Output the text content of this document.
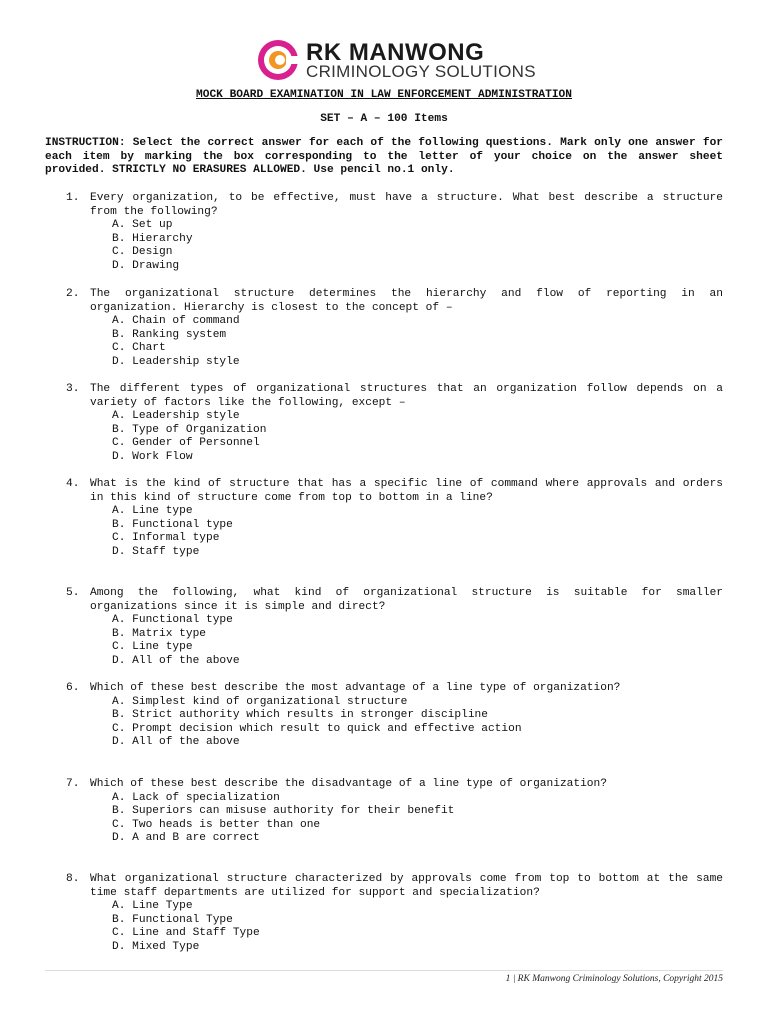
RK MANWONG
CRIMINOLOGY SOLUTIONS
MOCK BOARD EXAMINATION IN LAW ENFORCEMENT ADMINISTRATION
SET – A – 100 Items
INSTRUCTION: Select the correct answer for each of the following questions. Mark only one answer for each item by marking the box corresponding to the letter of your choice on the answer sheet provided. STRICTLY NO ERASURES ALLOWED. Use pencil no.1 only.
1. Every organization, to be effective, must have a structure. What best describe a structure from the following?
A. Set up
B. Hierarchy
C. Design
D. Drawing
2. The organizational structure determines the hierarchy and flow of reporting in an organization. Hierarchy is closest to the concept of –
A. Chain of command
B. Ranking system
C. Chart
D. Leadership style
3. The different types of organizational structures that an organization follow depends on a variety of factors like the following, except –
A. Leadership style
B. Type of Organization
C. Gender of Personnel
D. Work Flow
4. What is the kind of structure that has a specific line of command where approvals and orders in this kind of structure come from top to bottom in a line?
A. Line type
B. Functional type
C. Informal type
D. Staff type
5. Among the following, what kind of organizational structure is suitable for smaller organizations since it is simple and direct?
A. Functional type
B. Matrix type
C. Line type
D. All of the above
6. Which of these best describe the most advantage of a line type of organization?
A. Simplest kind of organizational structure
B. Strict authority which results in stronger discipline
C. Prompt decision which result to quick and effective action
D. All of the above
7. Which of these best describe the disadvantage of a line type of organization?
A. Lack of specialization
B. Superiors can misuse authority for their benefit
C. Two heads is better than one
D. A and B are correct
8. What organizational structure characterized by approvals come from top to bottom at the same time staff departments are utilized for support and specialization?
A. Line Type
B. Functional Type
C. Line and Staff Type
D. Mixed Type
1 | RK Manwong Criminology Solutions, Copyright 2015
